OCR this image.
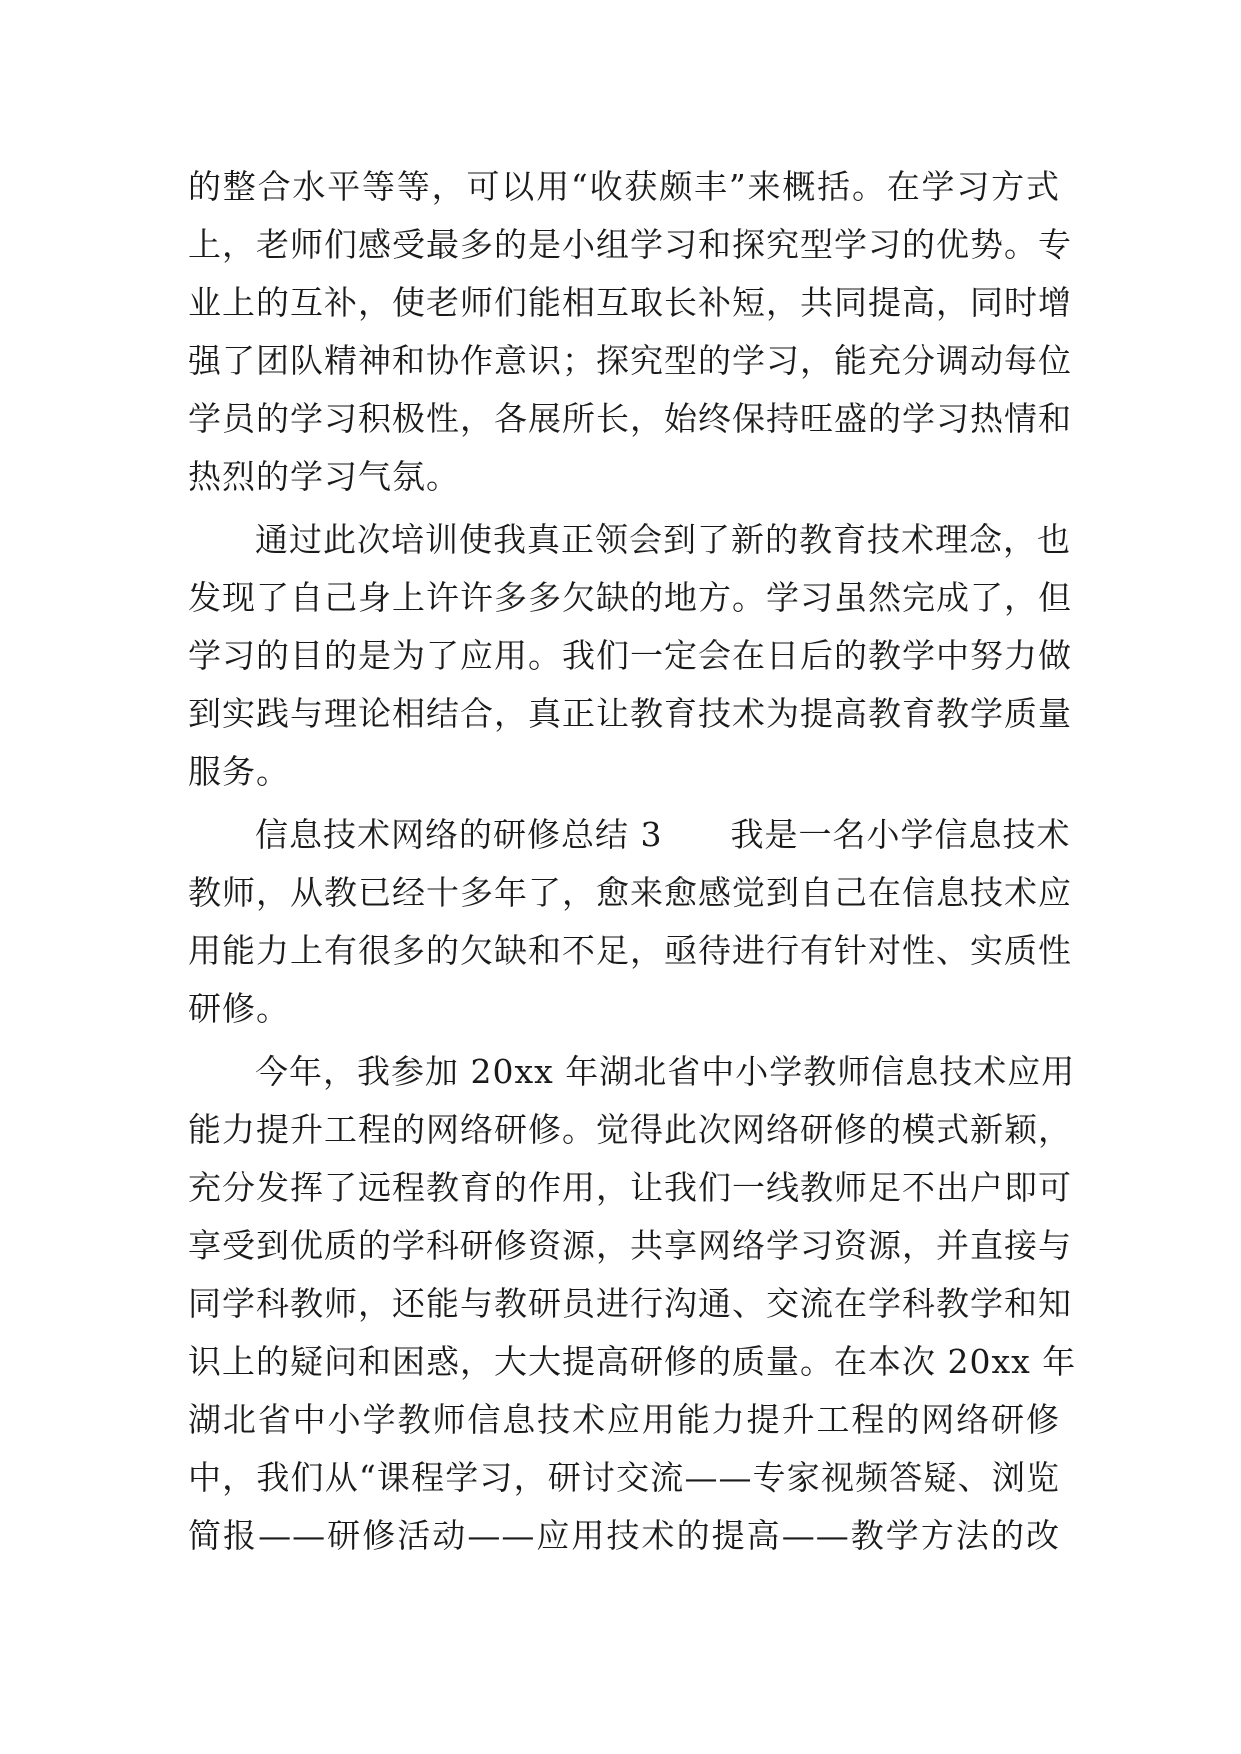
的整合水平等等，可以用“收获颇丰”来概括。在学习方式
上，老师们感受最多的是小组学习和探究型学习的优势。专
业上的互补，使老师们能相互取长补短，共同提高，同时增
强了团队精神和协作意识；探究型的学习，能充分调动每位
学员的学习积极性，各展所长，始终保持旺盛的学习热情和
热烈的学习气氛。
通过此次培训使我真正领会到了新的教育技术理念，也
发现了自己身上许许多多欠缺的地方。学习虽然完成了，但
学习的目的是为了应用。我们一定会在日后的教学中努力做
到实践与理论相结合，真正让教育技术为提高教育教学质量
服务。
信息技术网络的研修总结 3　　我是一名小学信息技术
教师，从教已经十多年了，愈来愈感觉到自己在信息技术应
用能力上有很多的欠缺和不足，亟待进行有针对性、实质性
研修。
今年，我参加 20xx 年湖北省中小学教师信息技术应用
能力提升工程的网络研修。觉得此次网络研修的模式新颖，
充分发挥了远程教育的作用，让我们一线教师足不出户即可
享受到优质的学科研修资源，共享网络学习资源，并直接与
同学科教师，还能与教研员进行沟通、交流在学科教学和知
识上的疑问和困惑，大大提高研修的质量。在本次 20xx 年
湖北省中小学教师信息技术应用能力提升工程的网络研修
中，我们从“课程学习，研讨交流——专家视频答疑、浏览
简报——研修活动——应用技术的提高——教学方法的改
